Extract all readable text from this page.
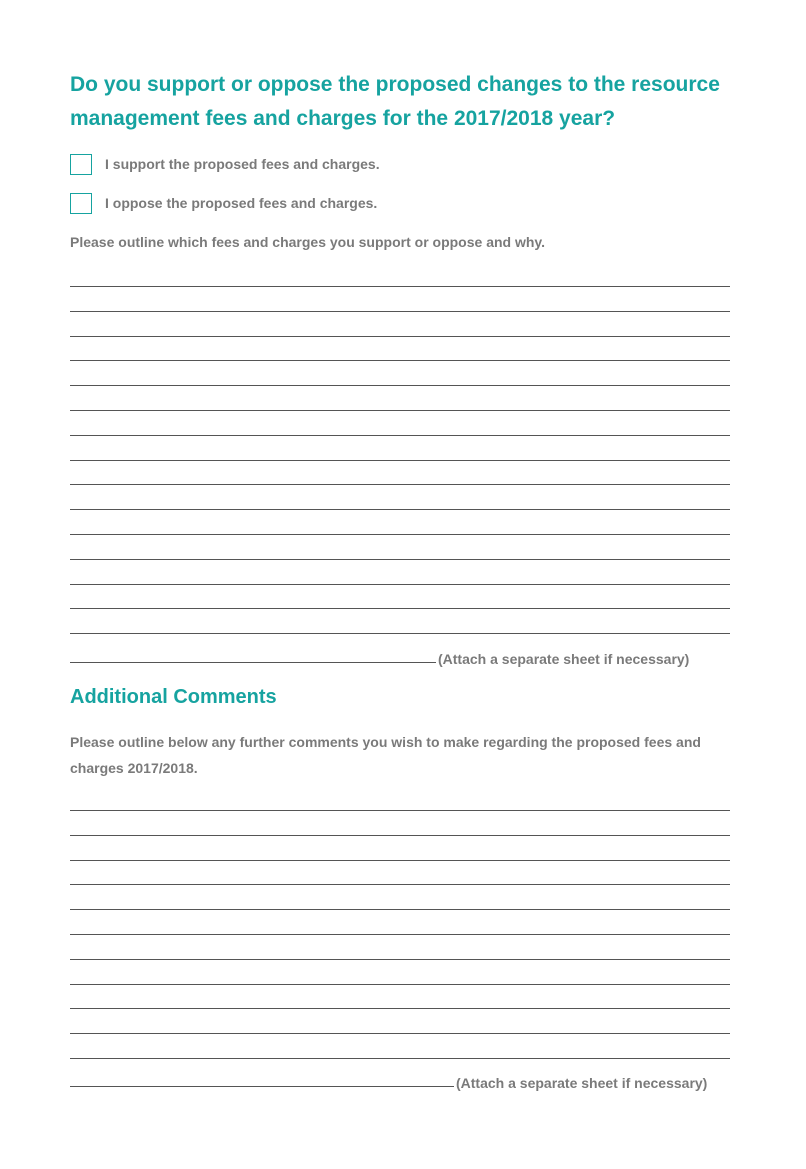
Do you support or oppose the proposed changes to the resource management fees and charges for the 2017/2018 year?
I support the proposed fees and charges.
I oppose the proposed fees and charges.
Please outline which fees and charges you support or oppose and why.
(Attach a separate sheet if necessary)
Additional Comments
Please outline below any further comments you wish to make regarding the proposed fees and charges 2017/2018.
(Attach a separate sheet if necessary)
